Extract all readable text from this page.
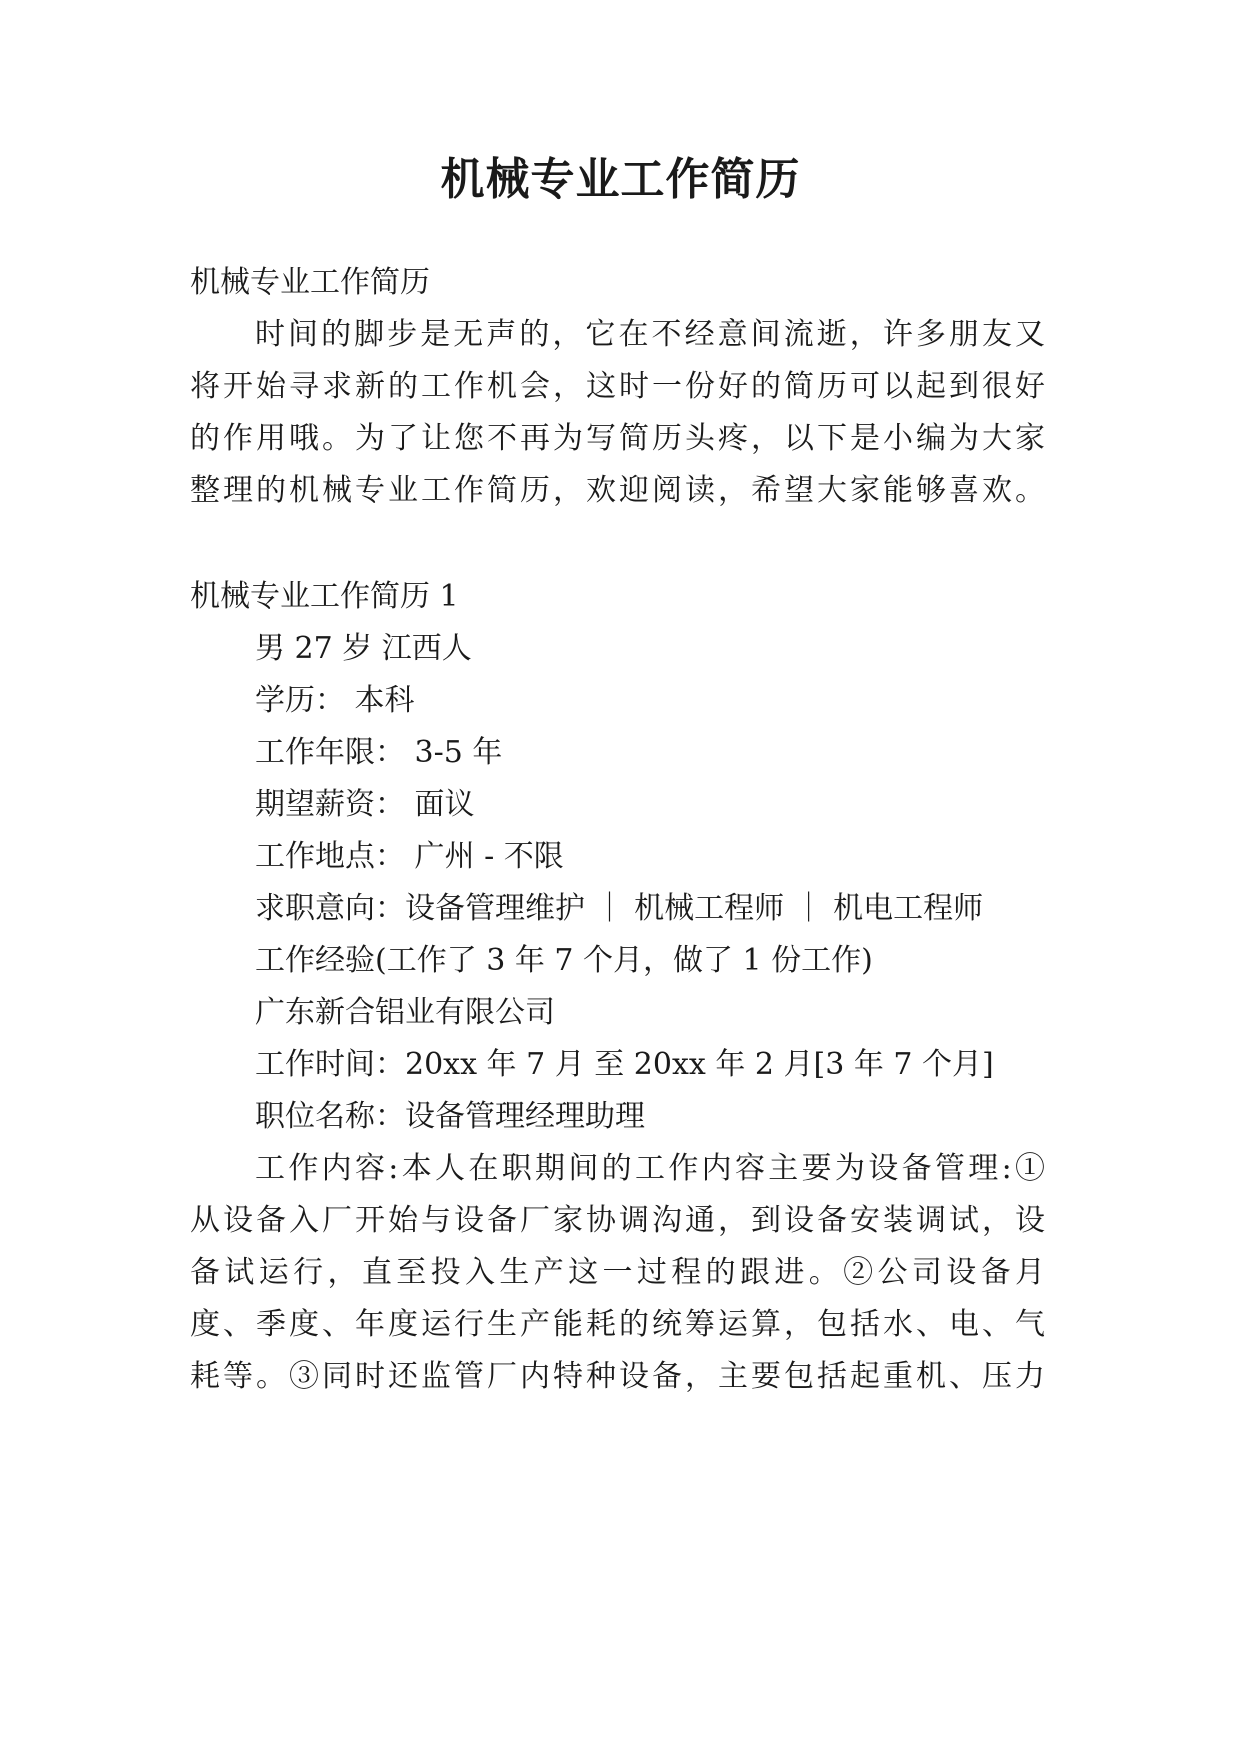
机械专业工作简历
机械专业工作简历
时间的脚步是无声的，它在不经意间流逝，许多朋友又
将开始寻求新的工作机会，这时一份好的简历可以起到很好
的作用哦。为了让您不再为写简历头疼，以下是小编为大家
整理的机械专业工作简历，欢迎阅读，希望大家能够喜欢。
机械专业工作简历 1
男 27 岁 江西人
学历： 本科
工作年限： 3-5 年
期望薪资： 面议
工作地点： 广州 - 不限
求职意向：设备管理维护 ｜ 机械工程师 ｜ 机电工程师
工作经验(工作了 3 年 7 个月，做了 1 份工作)
广东新合铝业有限公司
工作时间：20xx 年 7 月 至 20xx 年 2 月[3 年 7 个月]
职位名称：设备管理经理助理
工作内容:本人在职期间的工作内容主要为设备管理:①
从设备入厂开始与设备厂家协调沟通，到设备安装调试，设
备试运行，直至投入生产这一过程的跟进。②公司设备月
度、季度、年度运行生产能耗的统筹运算，包括水、电、气
耗等。③同时还监管厂内特种设备，主要包括起重机、压力
